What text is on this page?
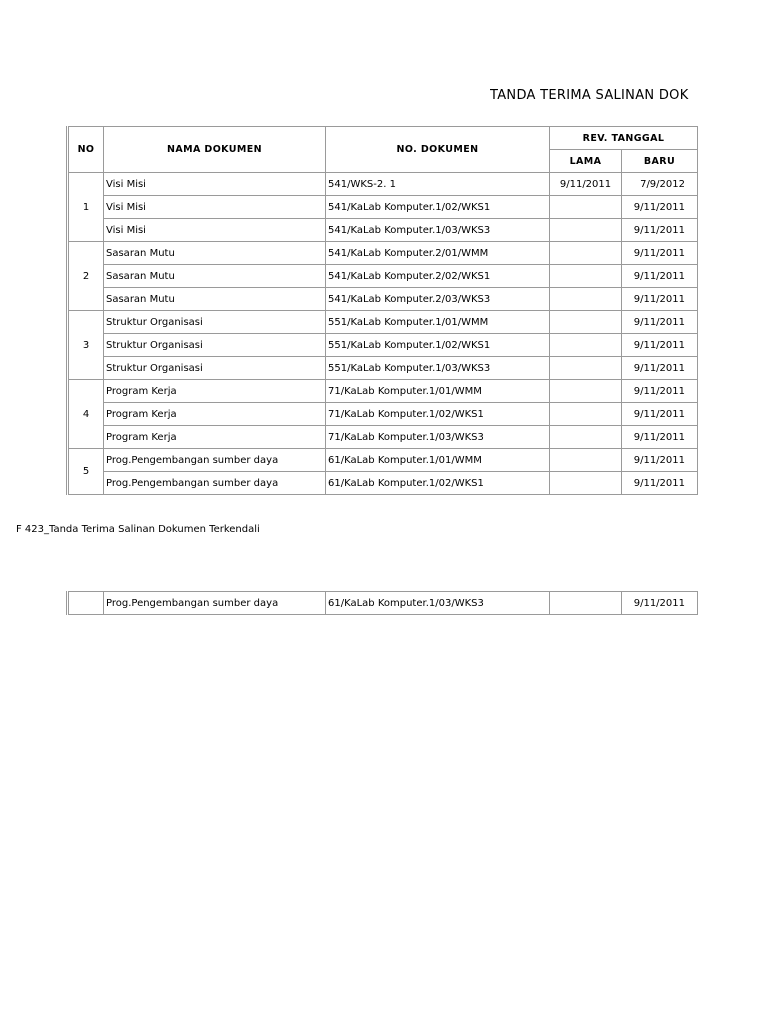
TANDA TERIMA SALINAN DOK
NO	NAMA DOKUMEN	NO. DOKUMEN	REV. TANGGAL	
			LAMA	BARU
1	Visi Misi	541/WKS-2. 1	9/11/2011	7/9/2012
	Visi Misi	541/KaLab Komputer.1/02/WKS1		9/11/2011
	Visi Misi	541/KaLab Komputer.1/03/WKS3		9/11/2011
2	Sasaran Mutu	541/KaLab Komputer.2/01/WMM		9/11/2011
	Sasaran Mutu	541/KaLab Komputer.2/02/WKS1		9/11/2011
	Sasaran Mutu	541/KaLab Komputer.2/03/WKS3		9/11/2011
3	Struktur Organisasi	551/KaLab Komputer.1/01/WMM		9/11/2011
	Struktur Organisasi	551/KaLab Komputer.1/02/WKS1		9/11/2011
	Struktur Organisasi	551/KaLab Komputer.1/03/WKS3		9/11/2011
4	Program Kerja	71/KaLab Komputer.1/01/WMM		9/11/2011
	Program Kerja	71/KaLab Komputer.1/02/WKS1		9/11/2011
	Program Kerja	71/KaLab Komputer.1/03/WKS3		9/11/2011
5	Prog.Pengembangan sumber daya	61/KaLab Komputer.1/01/WMM		9/11/2011
	Prog.Pengembangan sumber daya	61/KaLab Komputer.1/02/WKS1		9/11/2011
F 423_Tanda Terima Salinan Dokumen Terkendali
	Prog.Pengembangan sumber daya	61/KaLab Komputer.1/03/WKS3		9/11/2011
